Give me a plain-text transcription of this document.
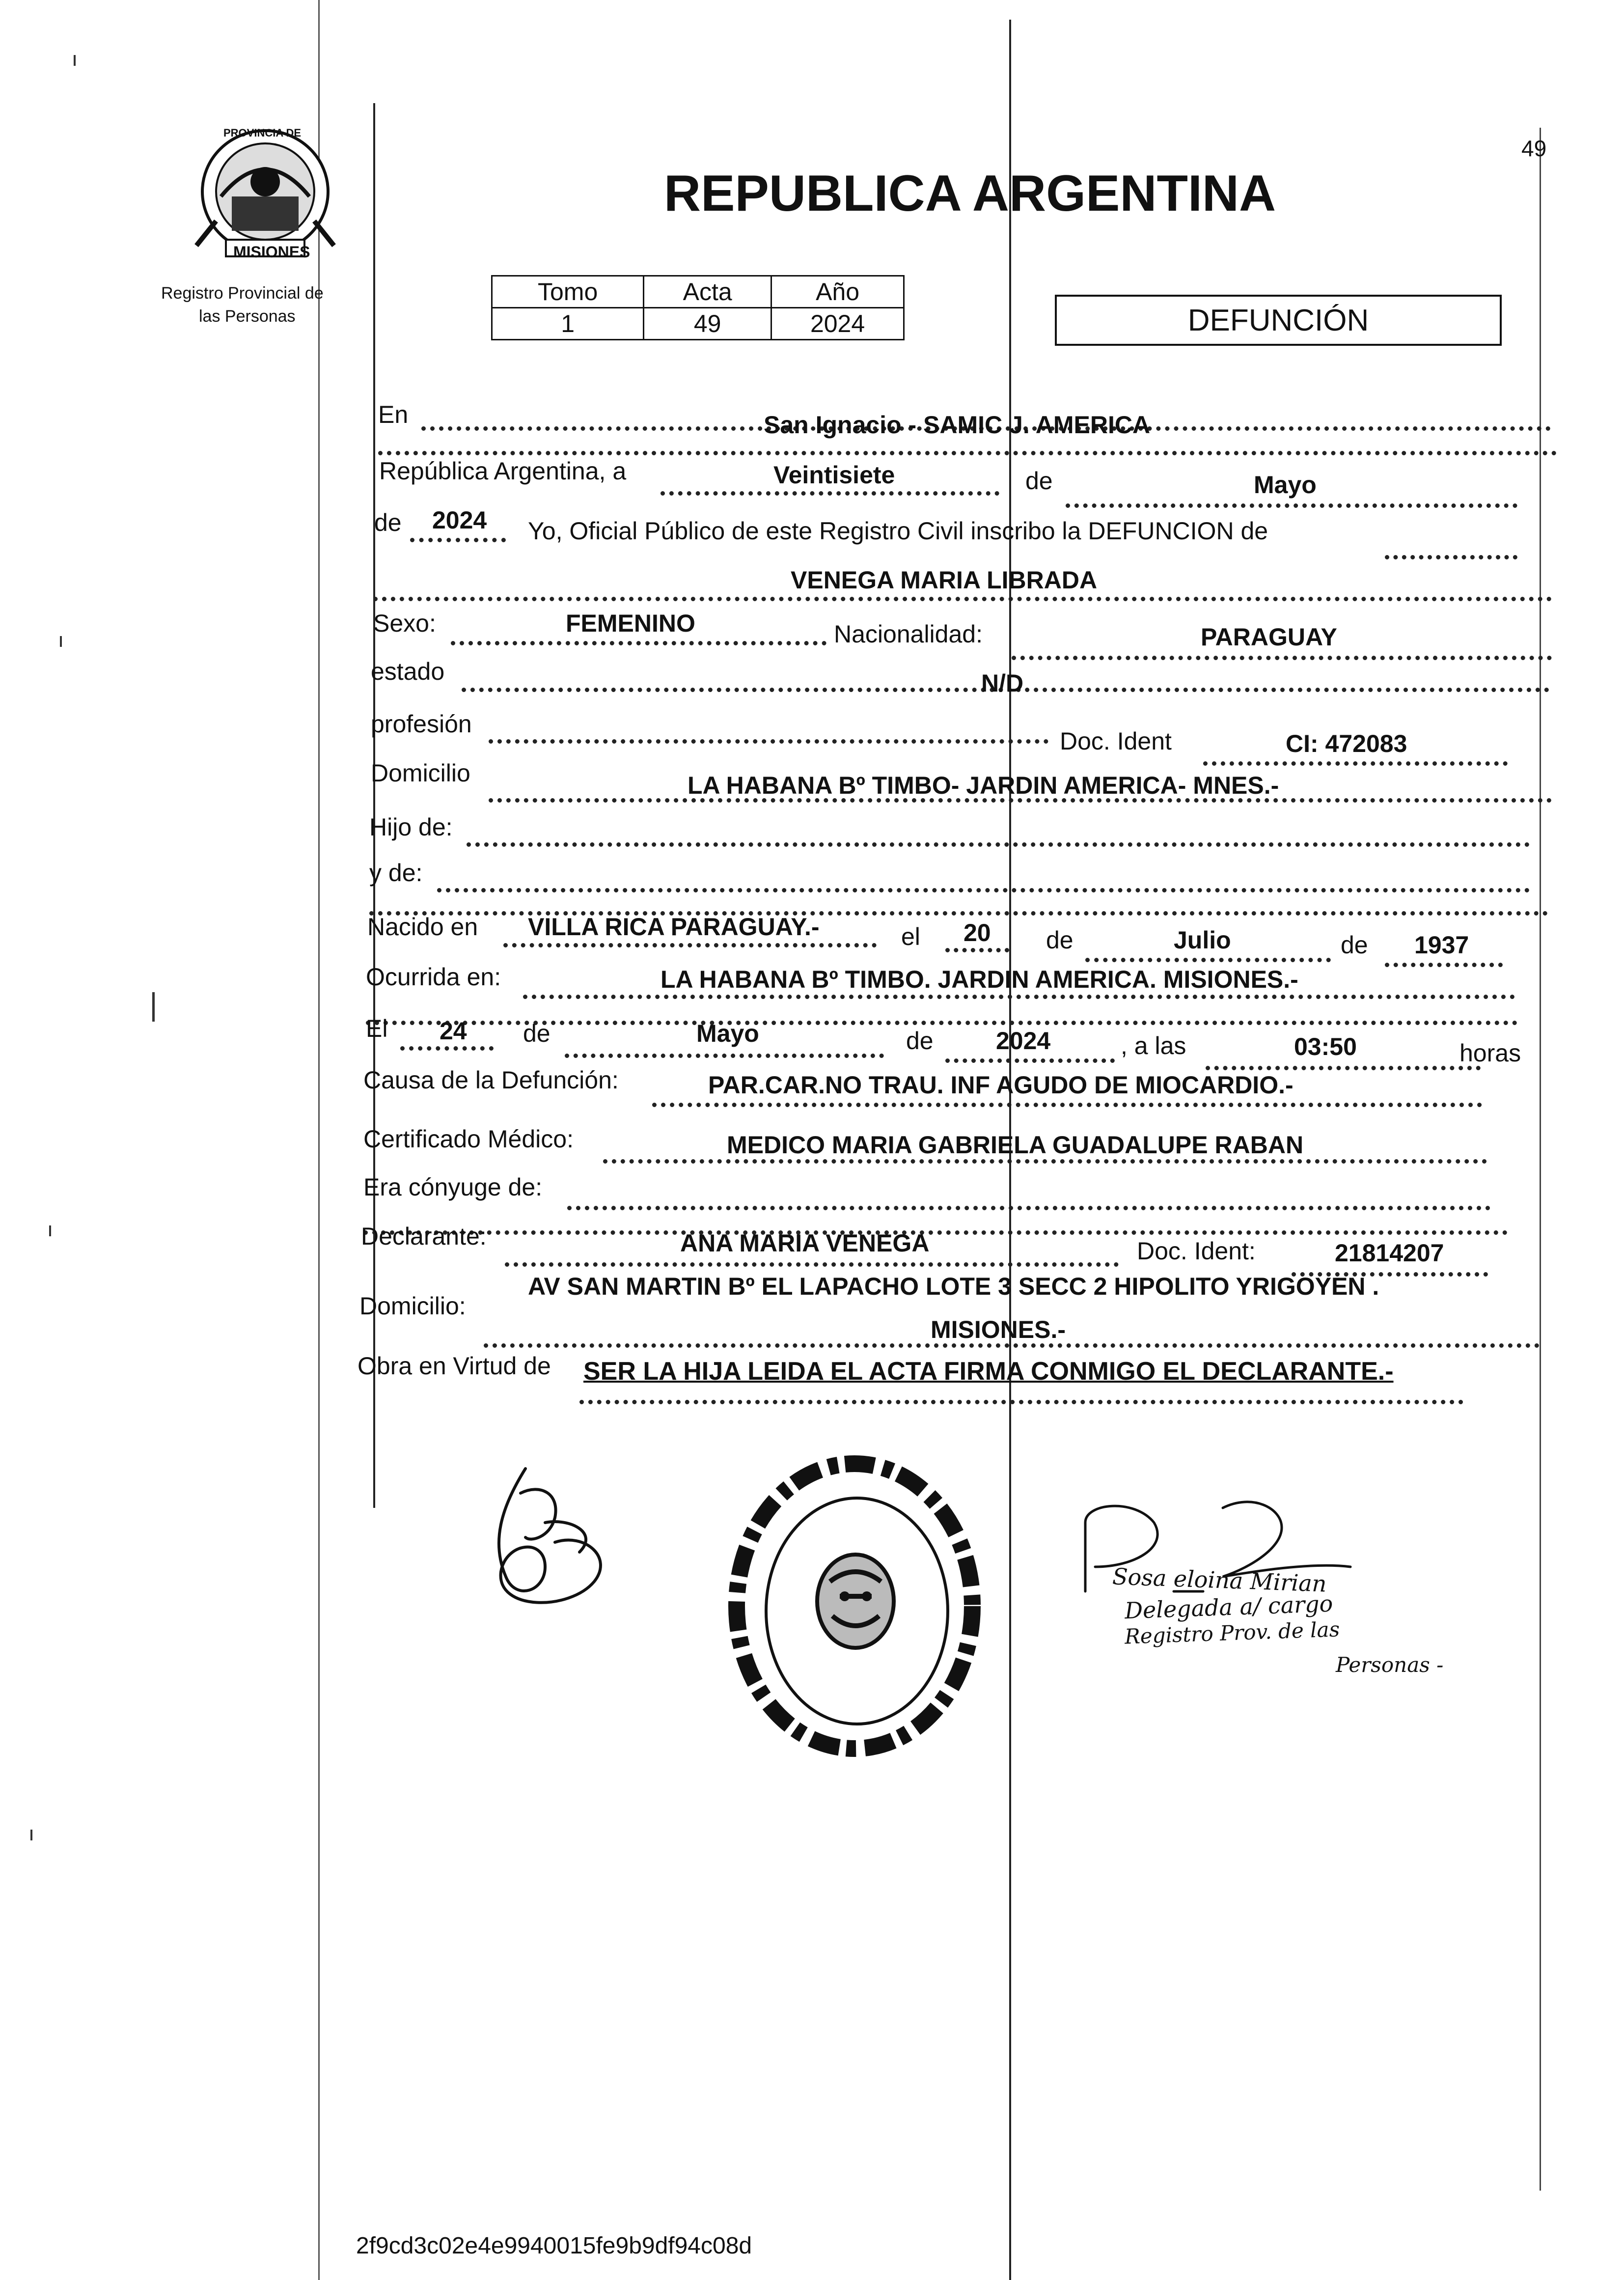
PROVINCIA DE
MISIONES
Registro Provincial de
las Personas
REPUBLICA ARGENTINA
49
Tomo	Acta	Año
1	49	2024	DEFUNCIÓN
En	San Ignacio - SAMIC J. AMERICA
República Argentina, a	Veintisiete	de	Mayo
de 2024 Yo, Oficial Público de este Registro Civil inscribo la DEFUNCION de
VENEGA MARIA LIBRADA
Sexo:	FEMENINO	Nacionalidad:	PARAGUAY
estado	N/D
profesión
Doc. Ident	CI: 472083
Domicilio	LA HABANA Bº TIMBO- JARDIN AMERICA- MNES.-
Hijo de:
y de:
Nacido en VILLA RICA PARAGUAY.-	el 20 de	Julio	de 1937
Ocurrida en:	LA HABANA Bº TIMBO. JARDIN AMERICA. MISIONES.-
El 24 de	Mayo	de	2024	, a las	03:50	horas
Causa de la Defunción:	PAR.CAR.NO TRAU. INF AGUDO DE MIOCARDIO.-
Certificado Médico:	MEDICO MARIA GABRIELA GUADALUPE RABAN
Era cónyuge de:
Declarante:	ANA MARIA VENEGA	Doc. Ident:	21814207
Domicilio:
AV SAN MARTIN Bº EL LAPACHO LOTE 3 SECC 2 HIPOLITO YRIGOYEN .
MISIONES.-
Obra en Virtud de SER LA HIJA LEIDA EL ACTA FIRMA CONMIGO EL DECLARANTE.-
Sosa eloina Mirian
Delegada a/ cargo
Registro Prov. de las
Personas -
2f9cd3c02e4e9940015fe9b9df94c08d
